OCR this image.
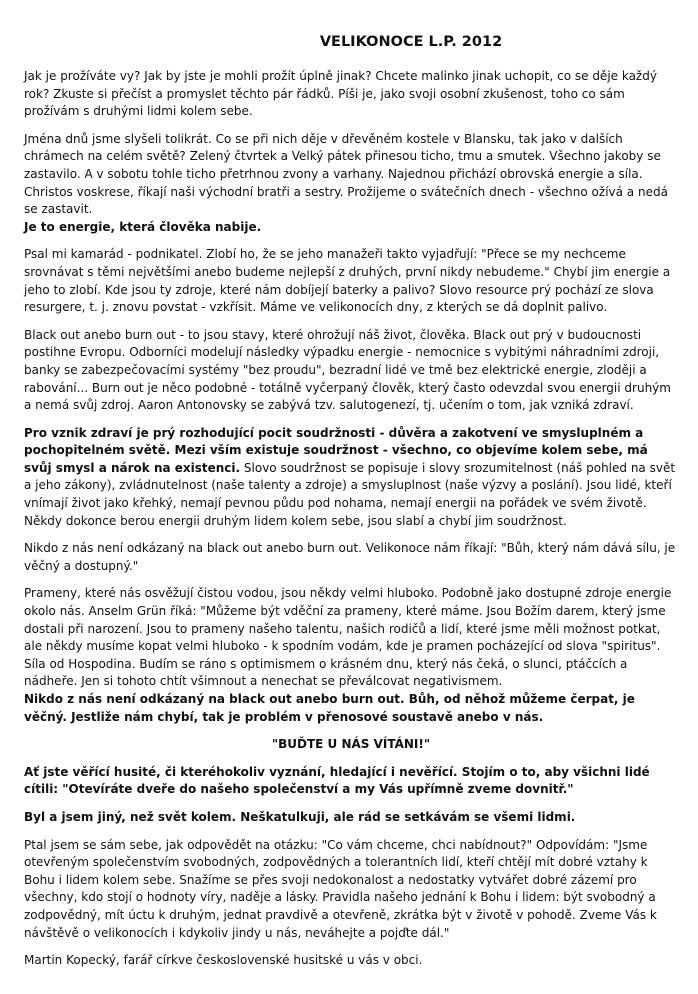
VELIKONOCE L.P. 2012

Jak je prožíváte vy? Jak by jste je mohli prožít úplně jinak? Chcete malinko jinak uchopit, co se děje každý rok? Zkuste si přečíst a promyslet těchto pár řádků. Píši je, jako svoji osobní zkušenost, toho co sám prožívám s druhými lidmi kolem sebe.

Jména dnů jsme slyšeli tolikrát. Co se při nich děje v dřevěném kostele v Blansku, tak jako v dalších chrámech na celém světě? Zelený čtvrtek a Velký pátek přinesou ticho, tmu a smutek. Všechno jakoby se zastavilo. A v sobotu tohle ticho přetrhnou zvony a varhany. Najednou přichází obrovská energie a síla. Christos voskrese, říkají naši východní bratři a sestry. Prožijeme o svátečních dnech - všechno ožívá a nedá se zastavit.
Je to energie, která člověka nabije.

Psal mi kamarád - podnikatel. Zlobí ho, že se jeho manažeři takto vyjadřují: "Přece se my nechceme srovnávat s těmi největšími anebo budeme nejlepší z druhých, první nikdy nebudeme." Chybí jim energie a jeho to zlobí. Kde jsou ty zdroje, které nám dobíjejí baterky a palivo? Slovo resource prý pochází ze slova resurgere, t. j. znovu povstat - vzkřísit. Máme ve velikonocích dny, z kterých se dá doplnit palivo.

Black out anebo burn out - to jsou stavy, které ohrožují náš život, člověka. Black out prý v budoucnosti postihne Evropu. Odborníci modelují následky výpadku energie - nemocnice s vybitými náhradními zdroji, banky se zabezpečovacími systémy "bez proudu", bezradní lidé ve tmě bez elektrické energie, zloději a rabování... Burn out je něco podobné - totálně vyčerpaný člověk, který často odevzdal svou energii druhým a nemá svůj zdroj. Aaron Antonovsky se zabývá tzv. salutogenezí, tj. učením o tom, jak vzniká zdraví.

Pro vznik zdraví je prý rozhodující pocit soudržnosti - důvěra a zakotvení ve smysluplném a pochopitelném světě. Mezi vším existuje soudržnost - všechno, co objevíme kolem sebe, má svůj smysl a nárok na existenci. Slovo soudržnost se popisuje i slovy srozumitelnost (náš pohled na svět a jeho zákony), zvládnutelnost (naše talenty a zdroje) a smysluplnost (naše výzvy a poslání). Jsou lidé, kteří vnímají život jako křehký, nemají pevnou půdu pod nohama, nemají energii na pořádek ve svém životě. Někdy dokonce berou energii druhým lidem kolem sebe, jsou slabí a chybí jim soudržnost.

Nikdo z nás není odkázaný na black out anebo burn out. Velikonoce nám říkají: "Bůh, který nám dává sílu, je věčný a dostupný."

Prameny, které nás osvěžují čistou vodou, jsou někdy velmi hluboko. Podobně jako dostupné zdroje energie okolo nás. Anselm Grün říká: "Můžeme být vděční za prameny, které máme. Jsou Božím darem, který jsme dostali při narození. Jsou to prameny našeho talentu, našich rodičů a lidí, které jsme měli možnost potkat, ale někdy musíme kopat velmi hluboko - k spodním vodám, kde je pramen pocházející od slova "spiritus". Síla od Hospodina. Budím se ráno s optimismem o krásném dnu, který nás čeká, o slunci, ptáčcích a nádheře. Jen si tohoto chtít všimnout a nenechat se převálcovat negativismem.
Nikdo z nás není odkázaný na black out anebo burn out. Bůh, od něhož můžeme čerpat, je věčný. Jestliže nám chybí, tak je problém v přenosové soustavě anebo v nás.

"BUĎTE U NÁS VÍTÁNI!"

Ať jste věřící husité, či kteréhokoliv vyznání, hledající i nevěřící. Stojím o to, aby všichni lidé cítili: "Otevíráte dveře do našeho společenství a my Vás upřímně zveme dovnitř."

Byl a jsem jiný, než svět kolem. Neškatulkuji, ale rád se setkávám se všemi lidmi.

Ptal jsem se sám sebe, jak odpovědět na otázku: "Co vám chceme, chci nabídnout?" Odpovídám: "Jsme otevřeným společenstvím svobodných, zodpovědných a tolerantních lidí, kteří chtějí mít dobré vztahy k Bohu i lidem kolem sebe. Snažíme se přes svoji nedokonalost a nedostatky vytvářet dobré zázemí pro všechny, kdo stojí o hodnoty víry, naděje a lásky. Pravidla našeho jednání k Bohu i lidem: být svobodný a zodpovědný, mít úctu k druhým, jednat pravdivě a otevřeně, zkrátka být v životě v pohodě. Zveme Vás k návštěvě o velikonocích i kdykoliv jindy u nás, neváhejte a pojďte dál."

Martin Kopecký, farář církve československé husitské u vás v obci.
